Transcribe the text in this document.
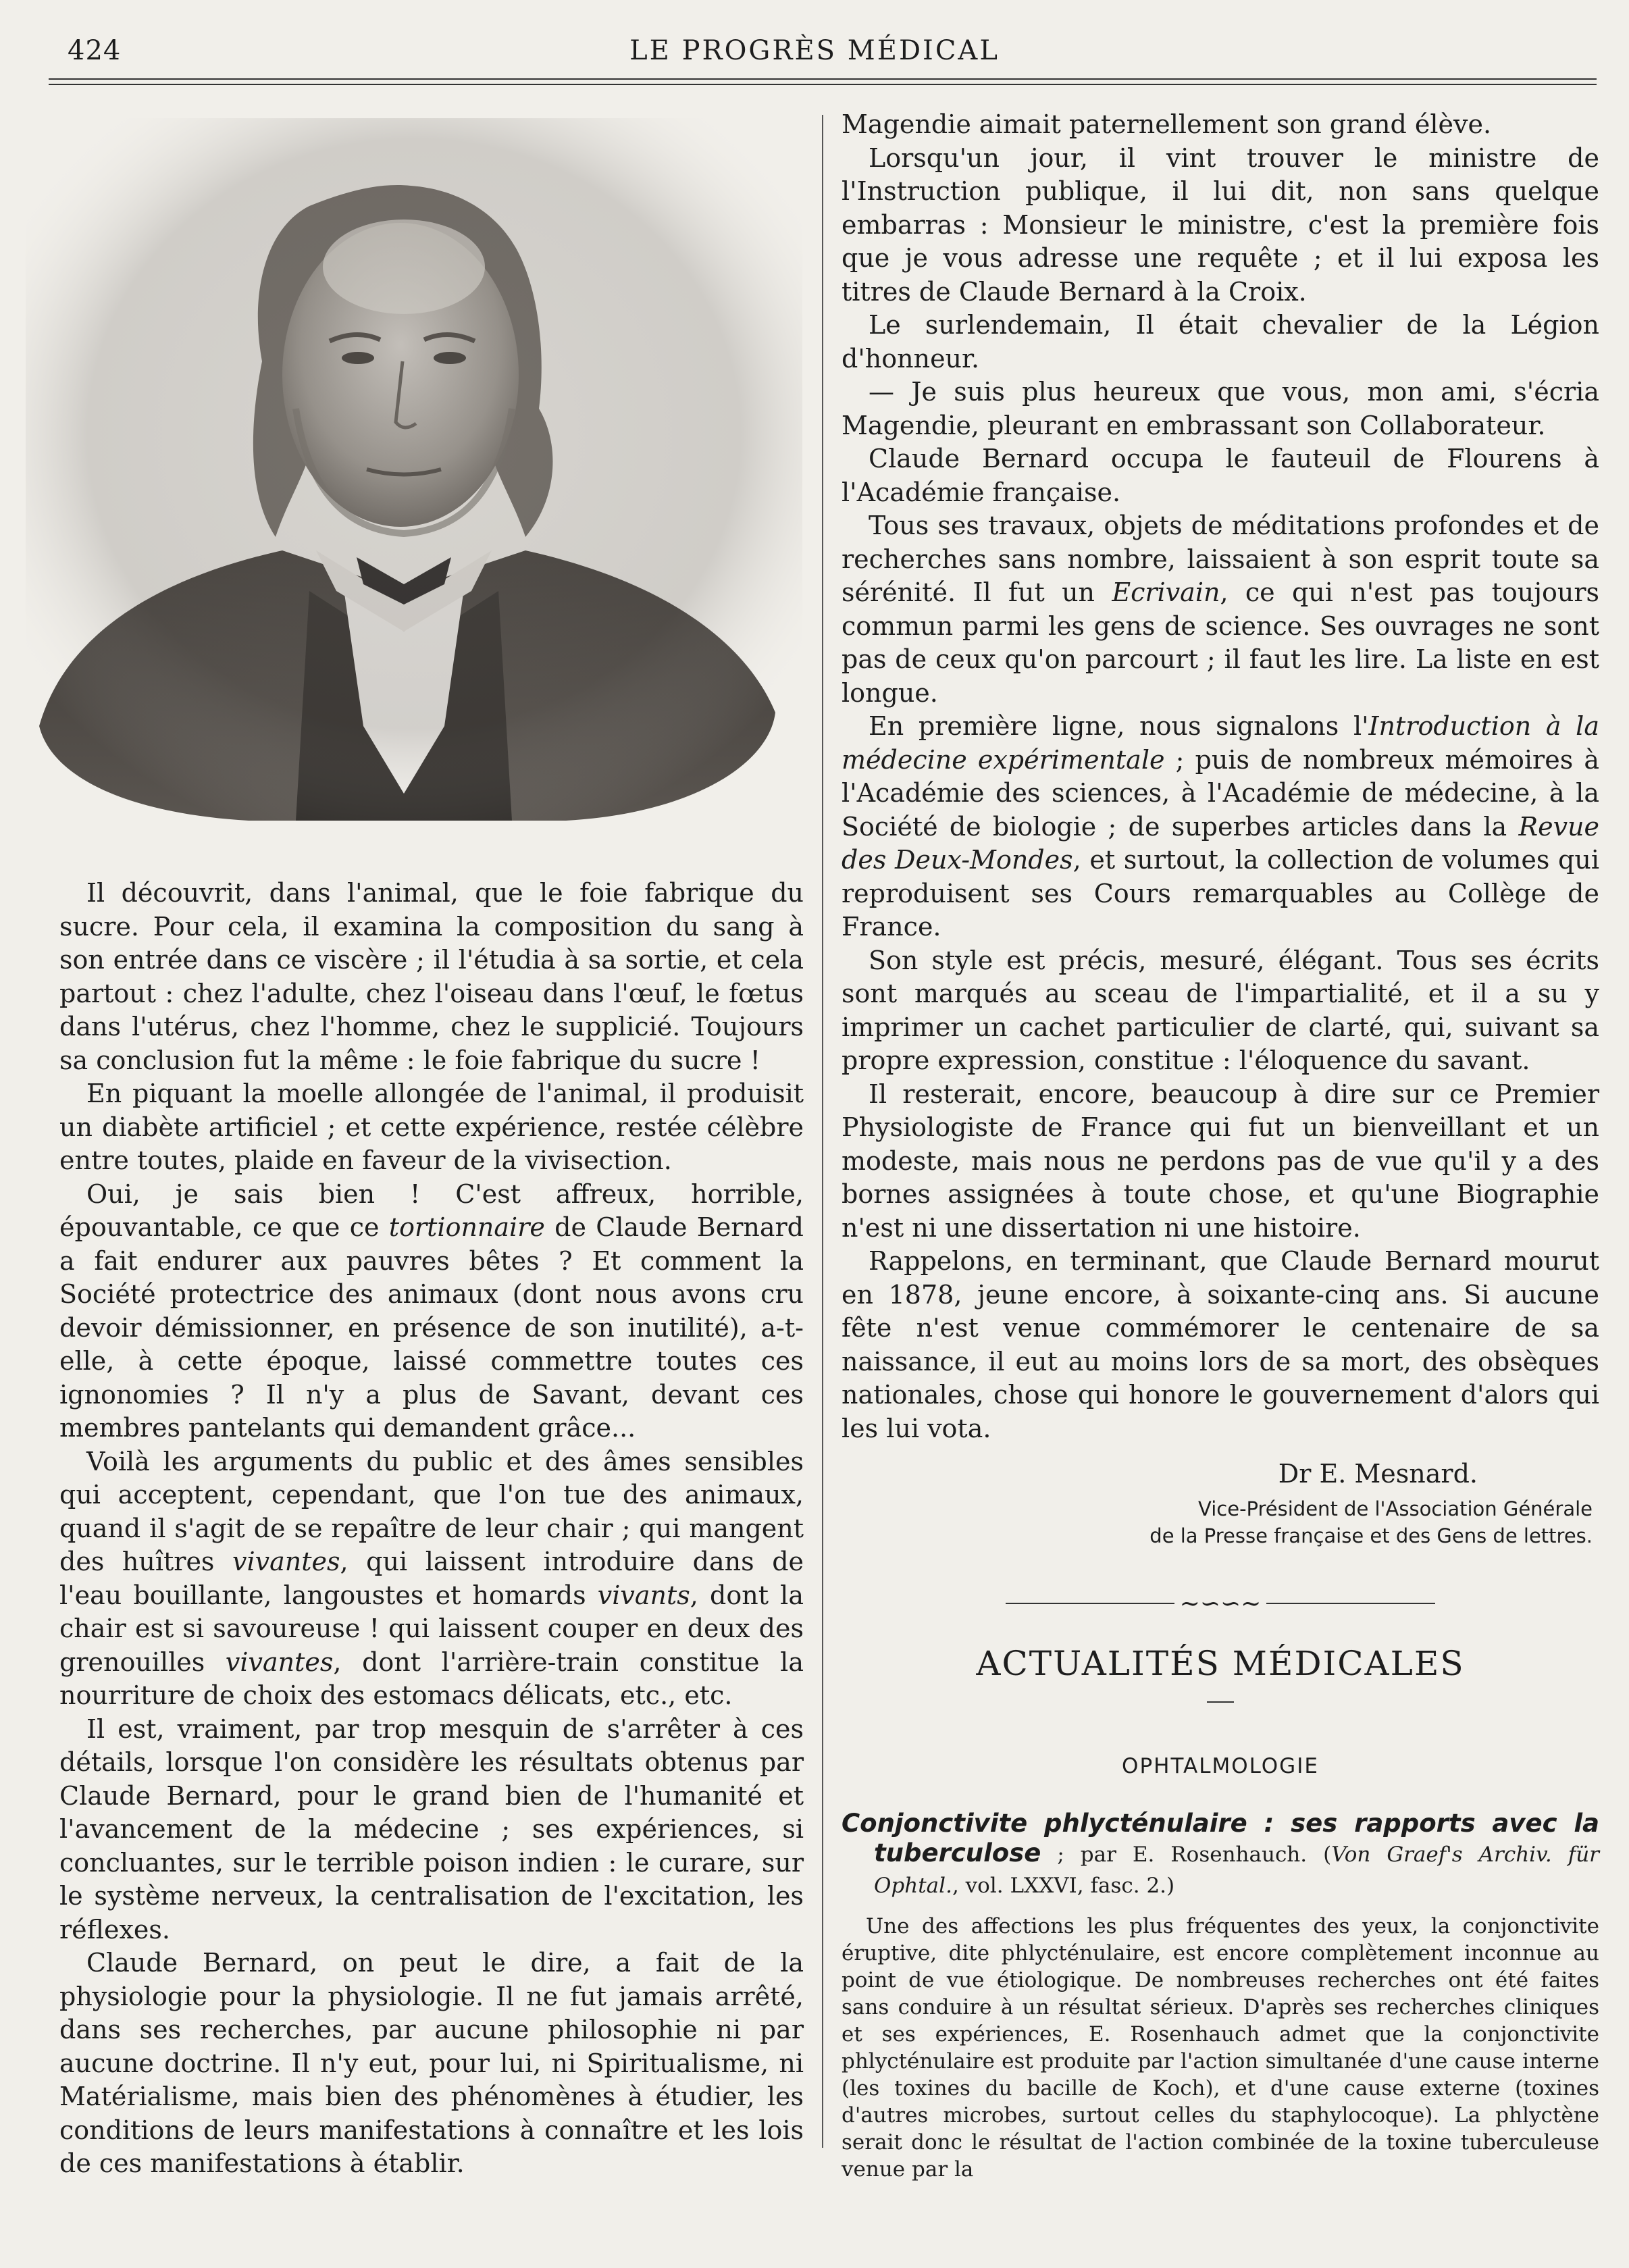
424	LE PROGRÈS MÉDICAL

Il découvrit, dans l'animal, que le foie fabrique du sucre. Pour cela, il examina la composition du sang à son entrée dans ce viscère ; il l'étudia à sa sortie, et cela partout : chez l'adulte, chez l'oiseau dans l'œuf, le fœtus dans l'utérus, chez l'homme, chez le supplicié. Toujours sa conclusion fut la même : le foie fabrique du sucre !

En piquant la moelle allongée de l'animal, il produisit un diabète artificiel ; et cette expérience, restée célèbre entre toutes, plaide en faveur de la vivisection.

Oui, je sais bien ! C'est affreux, horrible, épouvantable, ce que ce tortionnaire de Claude Bernard a fait endurer aux pauvres bêtes ? Et comment la Société protectrice des animaux (dont nous avons cru devoir démissionner, en présence de son inutilité), a-t-elle, à cette époque, laissé commettre toutes ces ignonomies ? Il n'y a plus de Savant, devant ces membres pantelants qui demandent grâce...

Voilà les arguments du public et des âmes sensibles qui acceptent, cependant, que l'on tue des animaux, quand il s'agit de se repaître de leur chair ; qui mangent des huîtres vivantes, qui laissent introduire dans de l'eau bouillante, langoustes et homards vivants, dont la chair est si savoureuse ! qui laissent couper en deux des grenouilles vivantes, dont l'arrière-train constitue la nourriture de choix des estomacs délicats, etc., etc.

Il est, vraiment, par trop mesquin de s'arrêter à ces détails, lorsque l'on considère les résultats obtenus par Claude Bernard, pour le grand bien de l'humanité et l'avancement de la médecine ; ses expériences, si concluantes, sur le terrible poison indien : le curare, sur le système nerveux, la centralisation de l'excitation, les réflexes.

Claude Bernard, on peut le dire, a fait de la physiologie pour la physiologie. Il ne fut jamais arrêté, dans ses recherches, par aucune philosophie ni par aucune doctrine. Il n'y eut, pour lui, ni Spiritualisme, ni Matérialisme, mais bien des phénomènes à étudier, les conditions de leurs manifestations à connaître et les lois de ces manifestations à établir.

Magendie aimait paternellement son grand élève.

Lorsqu'un jour, il vint trouver le ministre de l'Instruction publique, il lui dit, non sans quelque embarras : Monsieur le ministre, c'est la première fois que je vous adresse une requête ; et il lui exposa les titres de Claude Bernard à la Croix.

Le surlendemain, Il était chevalier de la Légion d'honneur.

— Je suis plus heureux que vous, mon ami, s'écria Magendie, pleurant en embrassant son Collaborateur.

Claude Bernard occupa le fauteuil de Flourens à l'Académie française.

Tous ses travaux, objets de méditations profondes et de recherches sans nombre, laissaient à son esprit toute sa sérénité. Il fut un Ecrivain, ce qui n'est pas toujours commun parmi les gens de science. Ses ouvrages ne sont pas de ceux qu'on parcourt ; il faut les lire. La liste en est longue.

En première ligne, nous signalons l'Introduction à la médecine expérimentale ; puis de nombreux mémoires à l'Académie des sciences, à l'Académie de médecine, à la Société de biologie ; de superbes articles dans la Revue des Deux-Mondes, et surtout, la collection de volumes qui reproduisent ses Cours remarquables au Collège de France.

Son style est précis, mesuré, élégant. Tous ses écrits sont marqués au sceau de l'impartialité, et il a su y imprimer un cachet particulier de clarté, qui, suivant sa propre expression, constitue : l'éloquence du savant.

Il resterait, encore, beaucoup à dire sur ce Premier Physiologiste de France qui fut un bienveillant et un modeste, mais nous ne perdons pas de vue qu'il y a des bornes assignées à toute chose, et qu'une Biographie n'est ni une dissertation ni une histoire.

Rappelons, en terminant, que Claude Bernard mourut en 1878, jeune encore, à soixante-cinq ans. Si aucune fête n'est venue commémorer le centenaire de sa naissance, il eut au moins lors de sa mort, des obsèques nationales, chose qui honore le gouvernement d'alors qui les lui vota.

Dr E. Mesnard.
Vice-Président de l'Association Générale
de la Presse française et des Gens de lettres.
~∽∽~
ACTUALITÉS MÉDICALES
OPHTALMOLOGIE
Conjonctivite phlycténulaire : ses rapports avec la tuberculose ; par E. Rosenhauch. (Von Graef's Archiv. für Ophtal., vol. LXXVI, fasc. 2.)

Une des affections les plus fréquentes des yeux, la conjonctivite éruptive, dite phlycténulaire, est encore complètement inconnue au point de vue étiologique. De nombreuses recherches ont été faites sans conduire à un résultat sérieux. D'après ses recherches cliniques et ses expériences, E. Rosenhauch admet que la conjonctivite phlycténulaire est produite par l'action simultanée d'une cause interne (les toxines du bacille de Koch), et d'une cause externe (toxines d'autres microbes, surtout celles du staphylocoque). La phlyctène serait donc le résultat de l'action combinée de la toxine tuberculeuse venue par la
